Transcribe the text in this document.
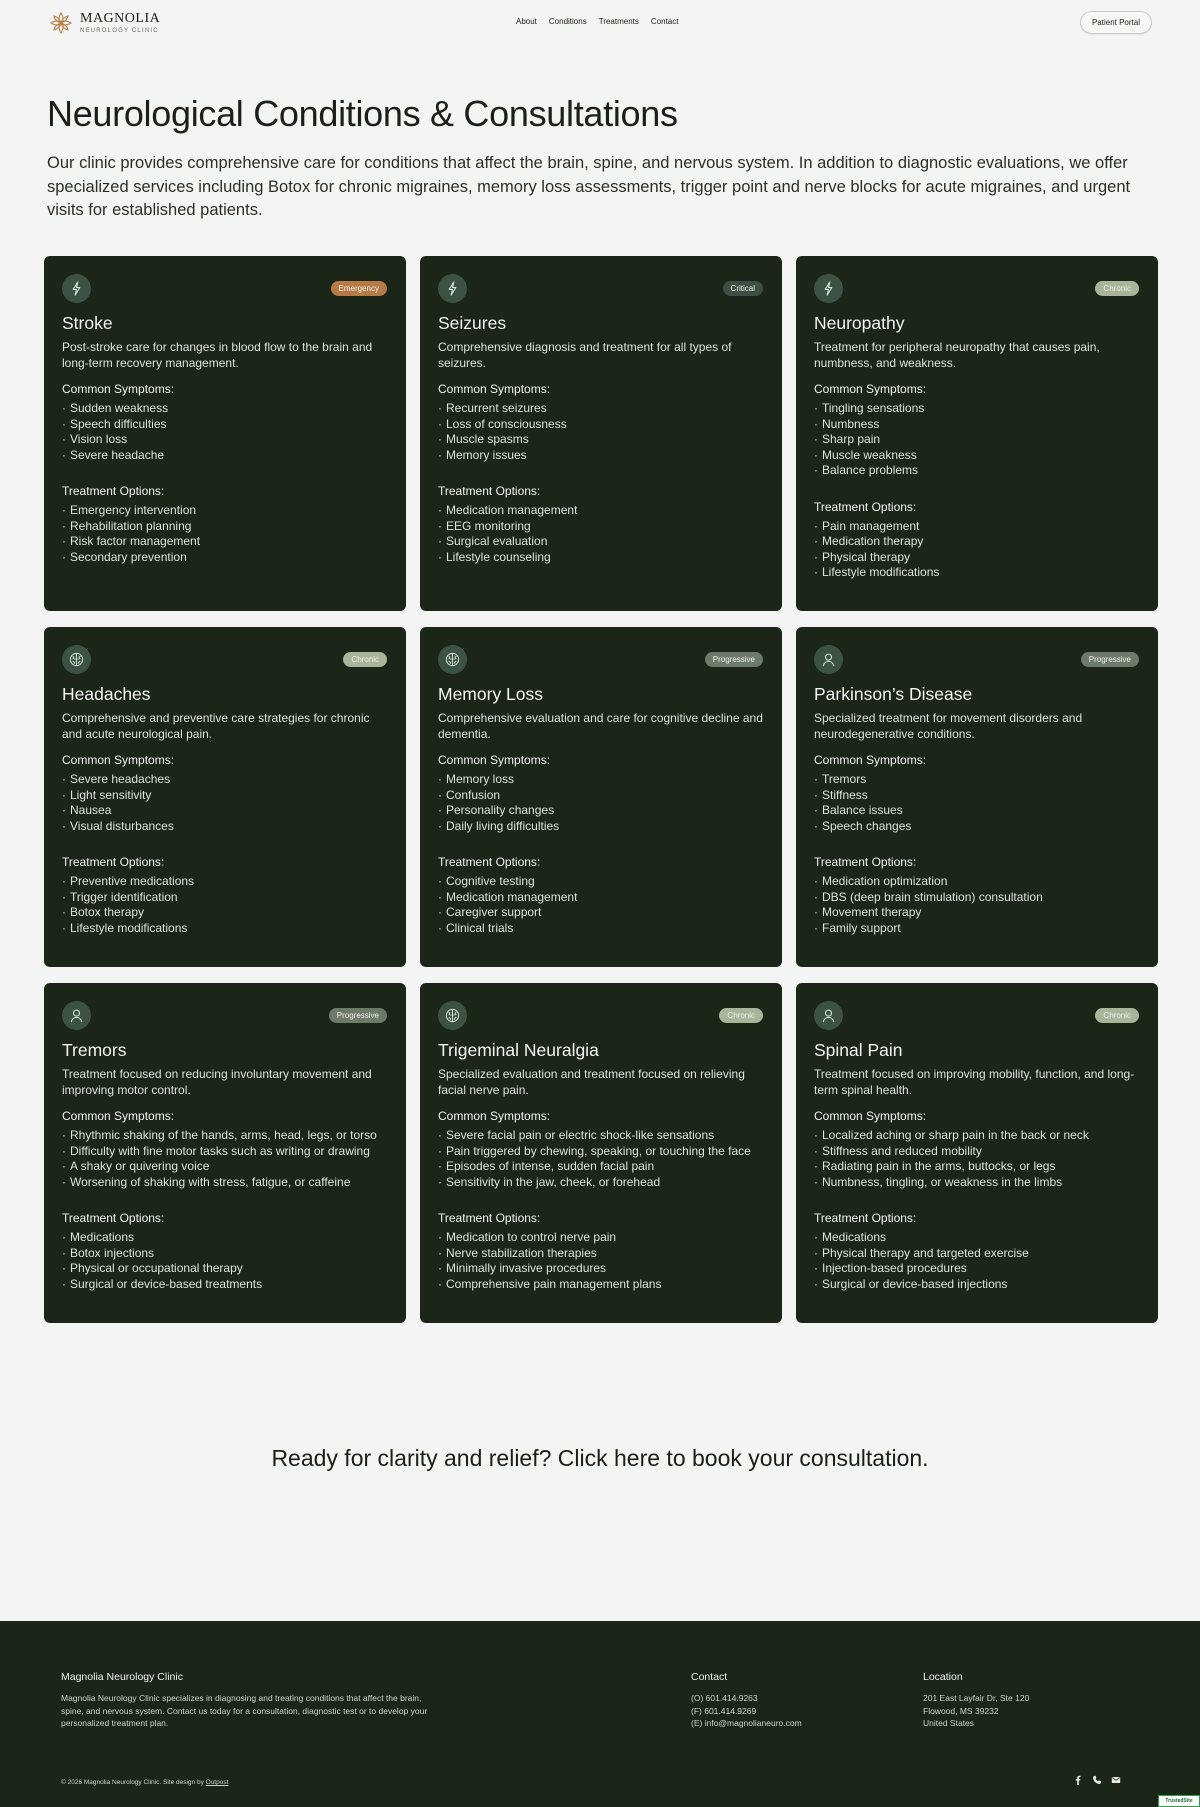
MAGNOLIA
NEUROLOGY CLINIC
About Conditions Treatments Contact	Patient Portal
Neurological Conditions & Consultations

Our clinic provides comprehensive care for conditions that affect the brain, spine, and nervous system. In addition to diagnostic evaluations, we offer specialized services including Botox for chronic migraines, memory loss assessments, trigger point and nerve blocks for acute migraines, and urgent visits for established patients.

Emergency
Stroke
Post-stroke care for changes in blood flow to the brain and long-term recovery management.
Common Symptoms:
· Sudden weakness
· Speech difficulties
· Vision loss
· Severe headache
Treatment Options:
· Emergency intervention
· Rehabilitation planning
· Risk factor management
· Secondary prevention
Critical
Seizures
Comprehensive diagnosis and treatment for all types of seizures.
Common Symptoms:
· Recurrent seizures
· Loss of consciousness
· Muscle spasms
· Memory issues
Treatment Options:
· Medication management
· EEG monitoring
· Surgical evaluation
· Lifestyle counseling
Chronic
Neuropathy
Treatment for peripheral neuropathy that causes pain, numbness, and weakness.
Common Symptoms:
· Tingling sensations
· Numbness
· Sharp pain
· Muscle weakness
· Balance problems
Treatment Options:
· Pain management
· Medication therapy
· Physical therapy
· Lifestyle modifications
Chronic
Headaches
Comprehensive and preventive care strategies for chronic and acute neurological pain.
Common Symptoms:
· Severe headaches
· Light sensitivity
· Nausea
· Visual disturbances
Treatment Options:
· Preventive medications
· Trigger identification
· Botox therapy
· Lifestyle modifications
Progressive
Memory Loss
Comprehensive evaluation and care for cognitive decline and dementia.
Common Symptoms:
· Memory loss
· Confusion
· Personality changes
· Daily living difficulties
Treatment Options:
· Cognitive testing
· Medication management
· Caregiver support
· Clinical trials
Progressive
Parkinson’s Disease
Specialized treatment for movement disorders and neurodegenerative conditions.
Common Symptoms:
· Tremors
· Stiffness
· Balance issues
· Speech changes
Treatment Options:
· Medication optimization
· DBS (deep brain stimulation) consultation
· Movement therapy
· Family support
Progressive
Tremors
Treatment focused on reducing involuntary movement and improving motor control.
Common Symptoms:
· Rhythmic shaking of the hands, arms, head, legs, or torso
· Difficulty with fine motor tasks such as writing or drawing
· A shaky or quivering voice
· Worsening of shaking with stress, fatigue, or caffeine
Treatment Options:
· Medications
· Botox injections
· Physical or occupational therapy
· Surgical or device-based treatments
Chronic
Trigeminal Neuralgia
Specialized evaluation and treatment focused on relieving facial nerve pain.
Common Symptoms:
· Severe facial pain or electric shock-like sensations
· Pain triggered by chewing, speaking, or touching the face
· Episodes of intense, sudden facial pain
· Sensitivity in the jaw, cheek, or forehead
Treatment Options:
· Medication to control nerve pain
· Nerve stabilization therapies
· Minimally invasive procedures
· Comprehensive pain management plans
Chronic
Spinal Pain
Treatment focused on improving mobility, function, and long-term spinal health.
Common Symptoms:
· Localized aching or sharp pain in the back or neck
· Stiffness and reduced mobility
· Radiating pain in the arms, buttocks, or legs
· Numbness, tingling, or weakness in the limbs
Treatment Options:
· Medications
· Physical therapy and targeted exercise
· Injection-based procedures
· Surgical or device-based injections
Ready for clarity and relief? Click here to book your consultation.
Magnolia Neurology Clinic
Magnolia Neurology Clinic specializes in diagnosing and treating conditions that affect the brain, spine, and nervous system. Contact us today for a consultation, diagnostic test or to develop your personalized treatment plan.
Contact
(O) 601.414.9263
(F) 601.414.9269
(E) info@magnolianeuro.com
Location
201 East Layfair Dr, Ste 120
Flowood, MS 39232
United States
© 2026 Magnolia Neurology Clinic. Site design by Outpost
TrustedSite
